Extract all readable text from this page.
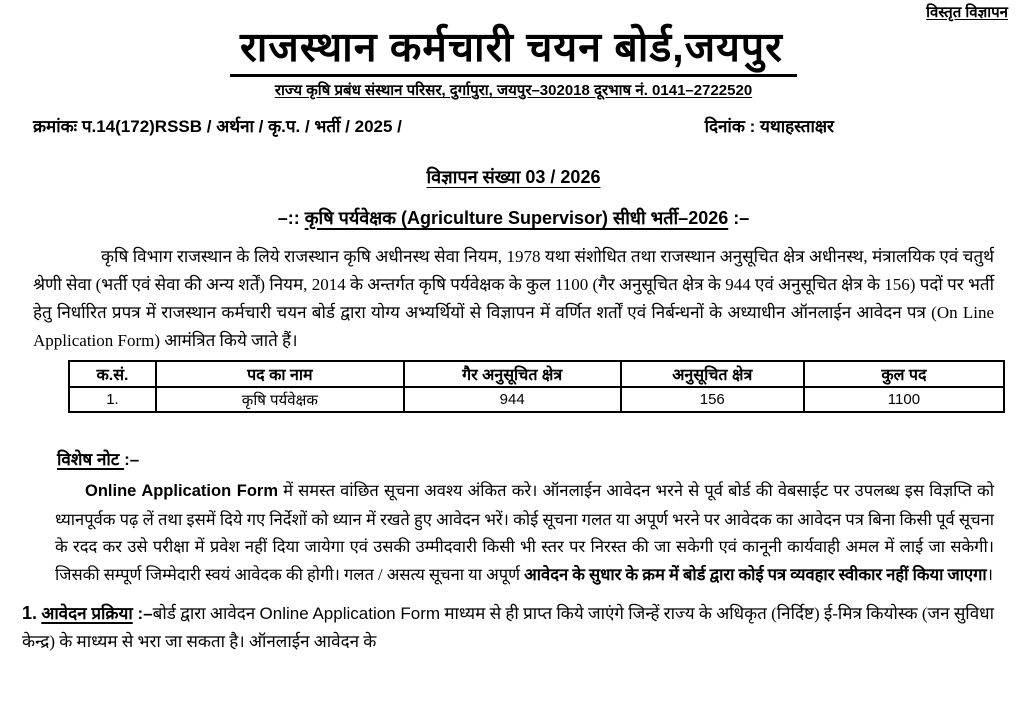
विस्तृत विज्ञापन
राजस्थान कर्मचारी चयन बोर्ड,जयपुर
राज्य कृषि प्रबंध संस्थान परिसर, दुर्गापुरा, जयपुर–302018 दूरभाष नं. 0141–2722520
क्रमांकः प.14(172)RSSB / अर्थना / कृ.प. / भर्ती / 2025 /	दिनांक : यथाहस्ताक्षर
विज्ञापन संख्या 03 / 2026
–:: कृषि पर्यवेक्षक (Agriculture Supervisor) सीधी भर्ती–2026 :–
कृषि विभाग राजस्थान के लिये राजस्थान कृषि अधीनस्थ सेवा नियम, 1978 यथा संशोधित तथा राजस्थान अनुसूचित क्षेत्र अधीनस्थ, मंत्रालयिक एवं चतुर्थ श्रेणी सेवा (भर्ती एवं सेवा की अन्य शर्तें) नियम, 2014 के अन्तर्गत कृषि पर्यवेक्षक के कुल 1100 (गैर अनुसूचित क्षेत्र के 944 एवं अनुसूचित क्षेत्र के 156) पदों पर भर्ती हेतु निर्धारित प्रपत्र में राजस्थान कर्मचारी चयन बोर्ड द्वारा योग्य अभ्यर्थियों से विज्ञापन में वर्णित शर्तों एवं निर्बन्धनों के अध्याधीन ऑनलाईन आवेदन पत्र (On Line Application Form) आमंत्रित किये जाते हैं।
क.सं.	पद का नाम	गैर अनुसूचित क्षेत्र	अनुसूचित क्षेत्र	कुल पद
1.	कृषि पर्यवेक्षक	944	156	1100
विशेष नोट :–
Online Application Form में समस्त वांछित सूचना अवश्य अंकित करे। ऑनलाईन आवेदन भरने से पूर्व बोर्ड की वेबसाईट पर उपलब्ध इस विज्ञप्ति को ध्यानपूर्वक पढ़ लें तथा इसमें दिये गए निर्देशों को ध्यान में रखते हुए आवेदन भरें। कोई सूचना गलत या अपूर्ण भरने पर आवेदक का आवेदन पत्र बिना किसी पूर्व सूचना के रदद कर उसे परीक्षा में प्रवेश नहीं दिया जायेगा एवं उसकी उम्मीदवारी किसी भी स्तर पर निरस्त की जा सकेगी एवं कानूनी कार्यवाही अमल में लाई जा सकेगी। जिसकी सम्पूर्ण जिम्मेदारी स्वयं आवेदक की होगी। गलत / असत्य सूचना या अपूर्ण आवेदन के सुधार के क्रम में बोर्ड द्वारा कोई पत्र व्यवहार स्वीकार नहीं किया जाएगा।
1. आवेदन प्रक्रिया :–बोर्ड द्वारा आवेदन Online Application Form माध्यम से ही प्राप्त किये जाएंगे जिन्हें राज्य के अधिकृत (निर्दिष्ट) ई-मित्र कियोस्क (जन सुविधा केन्द्र) के माध्यम से भरा जा सकता है। ऑनलाईन आवेदन के
